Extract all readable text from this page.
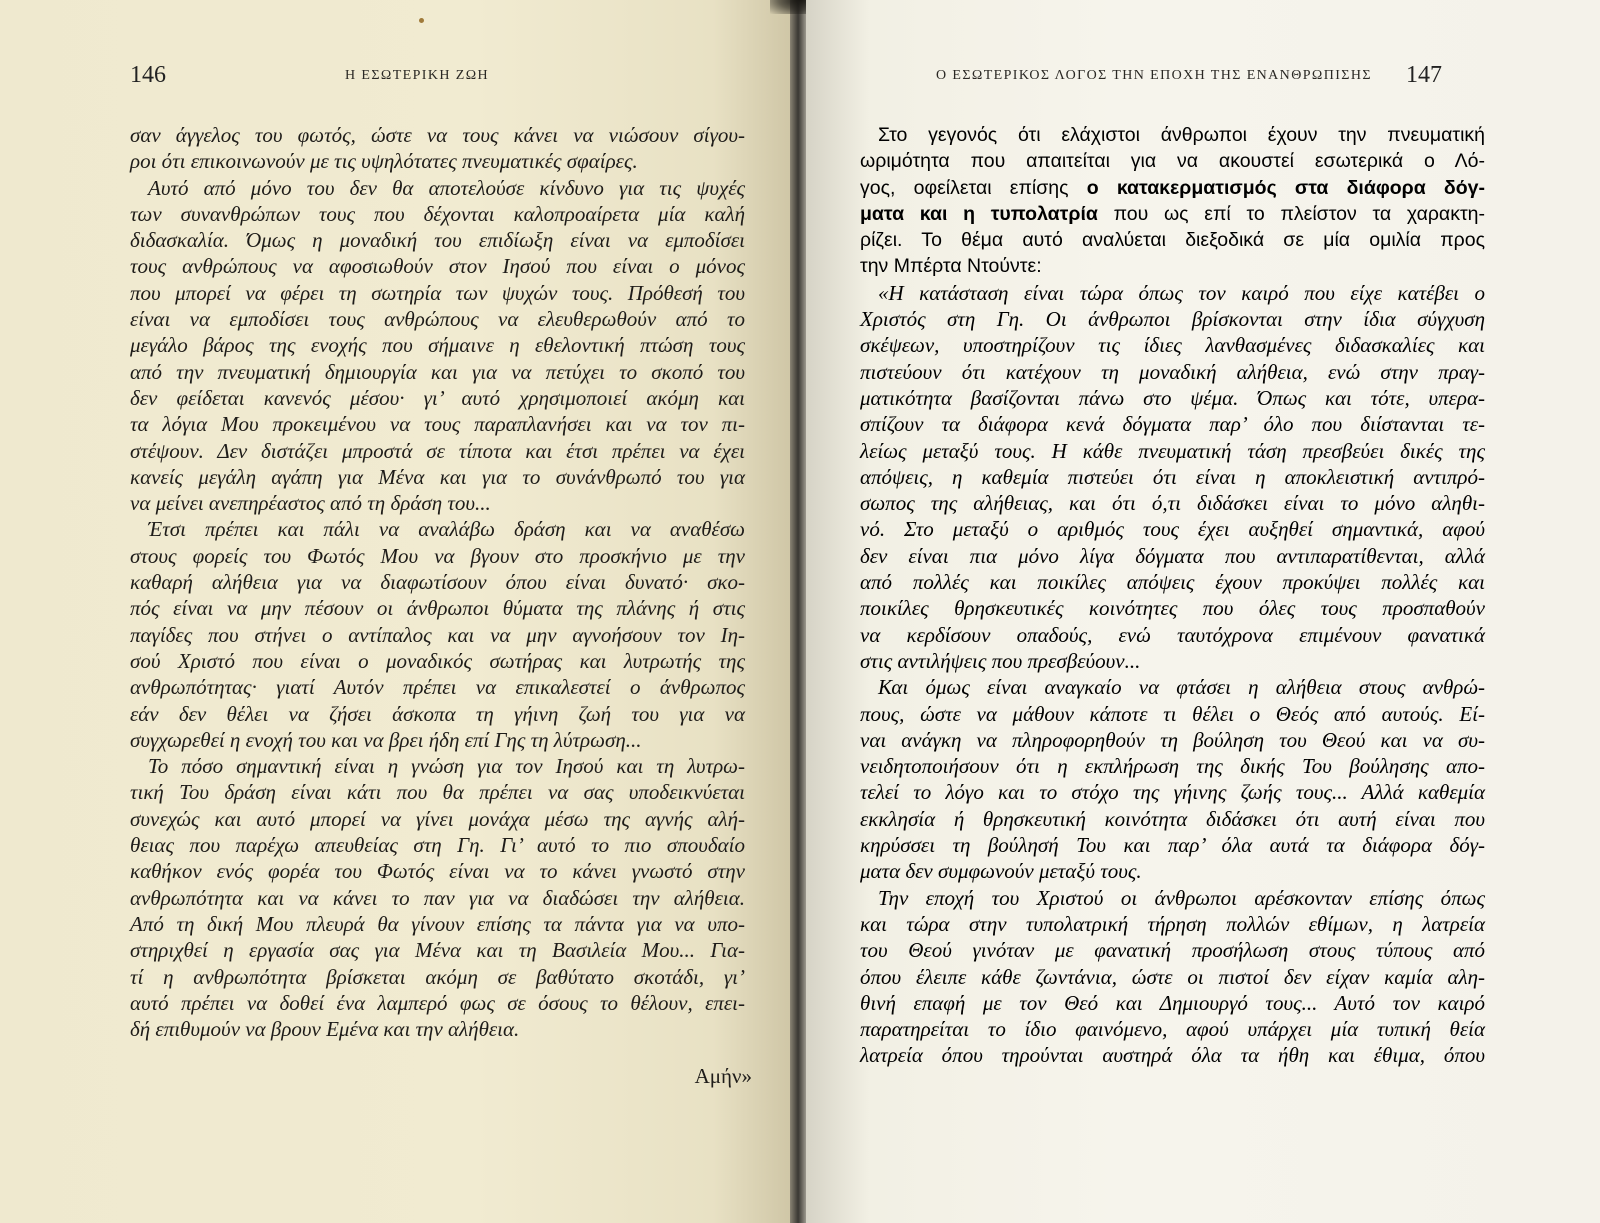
146	Η ΕΣΩΤΕΡΙΚΗ ΖΩΗ
σαν άγγελος του φωτός, ώστε να τους κάνει να νιώσουν σίγου-
ροι ότι επικοινωνούν με τις υψηλότατες πνευματικές σφαίρες.
Αυτό από μόνο του δεν θα αποτελούσε κίνδυνο για τις ψυχές
των συνανθρώπων τους που δέχονται καλοπροαίρετα μία καλή
διδασκαλία. Όμως η μοναδική του επιδίωξη είναι να εμποδίσει
τους ανθρώπους να αφοσιωθούν στον Ιησού που είναι ο μόνος
που μπορεί να φέρει τη σωτηρία των ψυχών τους. Πρόθεσή του
είναι να εμποδίσει τους ανθρώπους να ελευθερωθούν από το
μεγάλο βάρος της ενοχής που σήμαινε η εθελοντική πτώση τους
από την πνευματική δημιουργία και για να πετύχει το σκοπό του
δεν φείδεται κανενός μέσου· γι’ αυτό χρησιμοποιεί ακόμη και
τα λόγια Μου προκειμένου να τους παραπλανήσει και να τον πι-
στέψουν. Δεν διστάζει μπροστά σε τίποτα και έτσι πρέπει να έχει
κανείς μεγάλη αγάπη για Μένα και για το συνάνθρωπό του για
να μείνει ανεπηρέαστος από τη δράση του...
Έτσι πρέπει και πάλι να αναλάβω δράση και να αναθέσω
στους φορείς του Φωτός Μου να βγουν στο προσκήνιο με την
καθαρή αλήθεια για να διαφωτίσουν όπου είναι δυνατό· σκο-
πός είναι να μην πέσουν οι άνθρωποι θύματα της πλάνης ή στις
παγίδες που στήνει ο αντίπαλος και να μην αγνοήσουν τον Ιη-
σού Χριστό που είναι ο μοναδικός σωτήρας και λυτρωτής της
ανθρωπότητας· γιατί Αυτόν πρέπει να επικαλεστεί ο άνθρωπος
εάν δεν θέλει να ζήσει άσκοπα τη γήινη ζωή του για να
συγχωρεθεί η ενοχή του και να βρει ήδη επί Γης τη λύτρωση...
Το πόσο σημαντική είναι η γνώση για τον Ιησού και τη λυτρω-
τική Του δράση είναι κάτι που θα πρέπει να σας υποδεικνύεται
συνεχώς και αυτό μπορεί να γίνει μονάχα μέσω της αγνής αλή-
θειας που παρέχω απευθείας στη Γη. Γι’ αυτό το πιο σπουδαίο
καθήκον ενός φορέα του Φωτός είναι να το κάνει γνωστό στην
ανθρωπότητα και να κάνει το παν για να διαδώσει την αλήθεια.
Από τη δική Μου πλευρά θα γίνουν επίσης τα πάντα για να υπο-
στηριχθεί η εργασία σας για Μένα και τη Βασιλεία Μου... Για-
τί η ανθρωπότητα βρίσκεται ακόμη σε βαθύτατο σκοτάδι, γι’
αυτό πρέπει να δοθεί ένα λαμπερό φως σε όσους το θέλουν, επει-
δή επιθυμούν να βρουν Εμένα και την αλήθεια.
Αμήν»
Ο ΕΣΩΤΕΡΙΚΟΣ ΛΟΓΟΣ ΤΗΝ ΕΠΟΧΗ ΤΗΣ ΕΝΑΝΘΡΩΠΙΣΗΣ 147
Στο γεγονός ότι ελάχιστοι άνθρωποι έχουν την πνευματική
ωριμότητα που απαιτείται για να ακουστεί εσωτερικά ο Λό-
γος, οφείλεται επίσης ο κατακερματισμός στα διάφορα δόγ-
ματα και η τυπολατρία που ως επί το πλείστον τα χαρακτη-
ρίζει. Το θέμα αυτό αναλύεται διεξοδικά σε μία ομιλία προς
την Μπέρτα Ντούντε:
«Η κατάσταση είναι τώρα όπως τον καιρό που είχε κατέβει ο
Χριστός στη Γη. Οι άνθρωποι βρίσκονται στην ίδια σύγχυση
σκέψεων, υποστηρίζουν τις ίδιες λανθασμένες διδασκαλίες και
πιστεύουν ότι κατέχουν τη μοναδική αλήθεια, ενώ στην πραγ-
ματικότητα βασίζονται πάνω στο ψέμα. Όπως και τότε, υπερα-
σπίζουν τα διάφορα κενά δόγματα παρ’ όλο που διίστανται τε-
λείως μεταξύ τους. Η κάθε πνευματική τάση πρεσβεύει δικές της
απόψεις, η καθεμία πιστεύει ότι είναι η αποκλειστική αντιπρό-
σωπος της αλήθειας, και ότι ό,τι διδάσκει είναι το μόνο αληθι-
νό. Στο μεταξύ ο αριθμός τους έχει αυξηθεί σημαντικά, αφού
δεν είναι πια μόνο λίγα δόγματα που αντιπαρατίθενται, αλλά
από πολλές και ποικίλες απόψεις έχουν προκύψει πολλές και
ποικίλες θρησκευτικές κοινότητες που όλες τους προσπαθούν
να κερδίσουν οπαδούς, ενώ ταυτόχρονα επιμένουν φανατικά
στις αντιλήψεις που πρεσβεύουν...
Και όμως είναι αναγκαίο να φτάσει η αλήθεια στους ανθρώ-
πους, ώστε να μάθουν κάποτε τι θέλει ο Θεός από αυτούς. Εί-
ναι ανάγκη να πληροφορηθούν τη βούληση του Θεού και να συ-
νειδητοποιήσουν ότι η εκπλήρωση της δικής Του βούλησης απο-
τελεί το λόγο και το στόχο της γήινης ζωής τους... Αλλά καθεμία
εκκλησία ή θρησκευτική κοινότητα διδάσκει ότι αυτή είναι που
κηρύσσει τη βούλησή Του και παρ’ όλα αυτά τα διάφορα δόγ-
ματα δεν συμφωνούν μεταξύ τους.
Την εποχή του Χριστού οι άνθρωποι αρέσκονταν επίσης όπως
και τώρα στην τυπολατρική τήρηση πολλών εθίμων, η λατρεία
του Θεού γινόταν με φανατική προσήλωση στους τύπους από
όπου έλειπε κάθε ζωντάνια, ώστε οι πιστοί δεν είχαν καμία αλη-
θινή επαφή με τον Θεό και Δημιουργό τους... Αυτό τον καιρό
παρατηρείται το ίδιο φαινόμενο, αφού υπάρχει μία τυπική θεία
λατρεία όπου τηρούνται αυστηρά όλα τα ήθη και έθιμα, όπου
